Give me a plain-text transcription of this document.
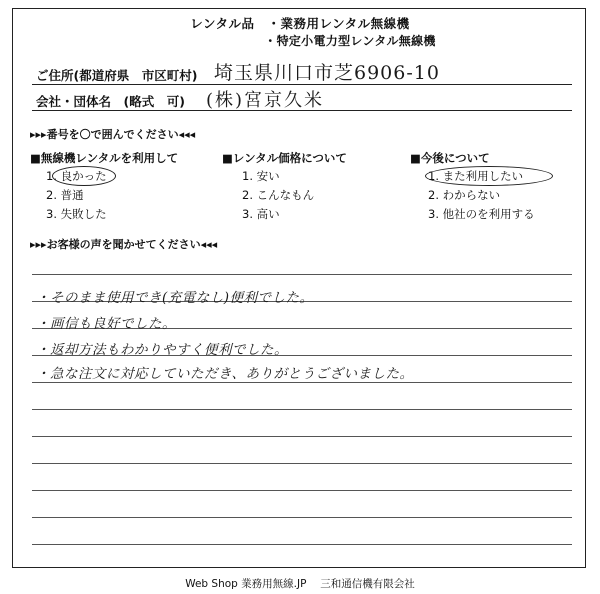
レンタル品　・業務用レンタル無線機
・特定小電力型レンタル無線機
ご住所(都道府県　市区町村) 埼玉県川口市芝6906-10
会社・団体名　(略式　可) (株)宮京久米
▸▸▸番号を〇で囲んでください◂◂◂
■無線機レンタルを利用して
1. 良かった
2. 普通
3. 失敗した
■レンタル価格について
1. 安い
2. こんなもん
3. 高い
■今後について
1. また利用したい
2. わからない
3. 他社のを利用する
▸▸▸お客様の声を聞かせてください◂◂◂
・そのまま使用でき(充電なし)便利でした。
・画信も良好でした。
・返却方法もわかりやすく便利でした。
・急な注文に対応していただき、ありがとうございました。
Web Shop 業務用無線.JP　 三和通信機有限会社
